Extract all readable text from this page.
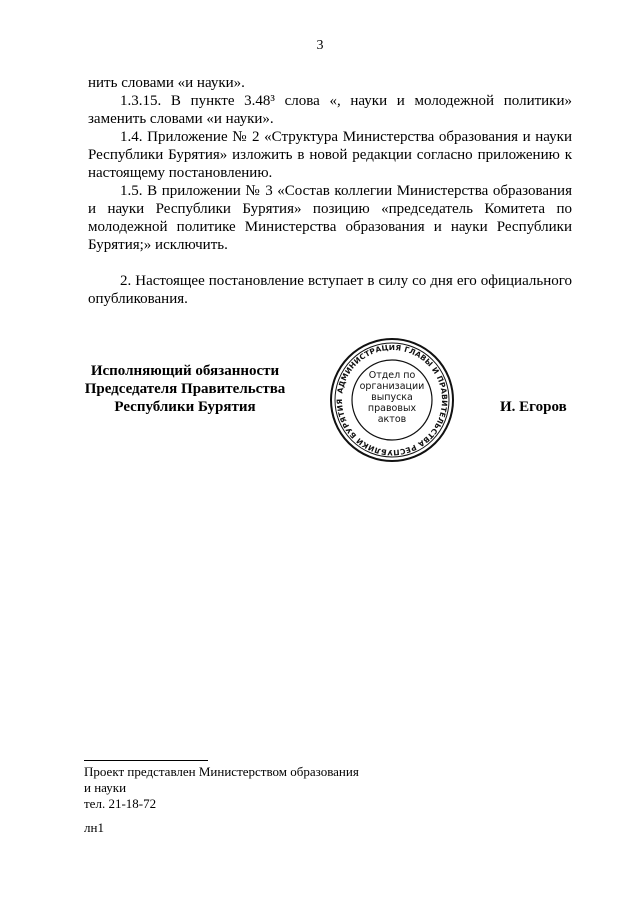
3

нить словами «и науки».

1.3.15. В пункте 3.48³ слова «, науки и молодежной политики» заменить словами «и науки».

1.4. Приложение № 2 «Структура Министерства образования и науки Республики Бурятия» изложить в новой редакции согласно приложению к настоящему постановлению.

1.5. В приложении № 3 «Состав коллегии Министерства образования и науки Республики Бурятия» позицию «председатель Комитета по молодежной политике Министерства образования и науки Республики Бурятия;» исключить.

2. Настоящее постановление вступает в силу со дня его официального опубликования.

Исполняющий обязанности
Председателя Правительства
Республики Бурятия
АДМИНИСТРАЦИЯ ГЛАВЫ И ПРАВИТЕЛЬСТВА РЕСПУБЛИКИ БУРЯТИЯ
Отдел по
организации
выпуска
правовых
актов
И. Егоров
Проект представлен Министерством образования
и науки
тел. 21-18-72
лн1
